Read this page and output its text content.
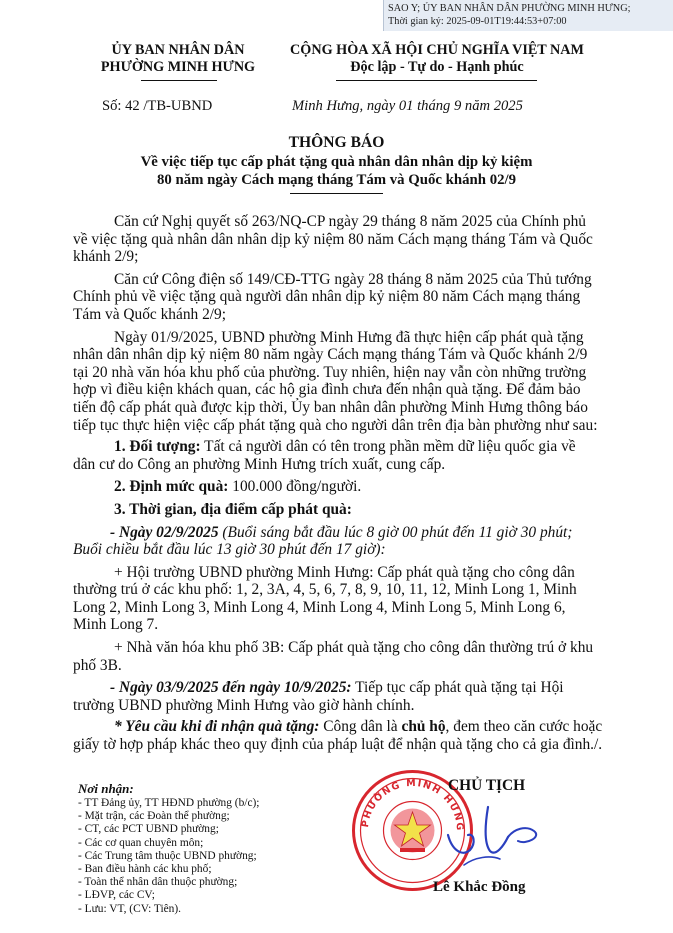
SAO Y; ỦY BAN NHÂN DÂN PHƯỜNG MINH HƯNG;
Thời gian ký: 2025-09-01T19:44:53+07:00
ỦY BAN NHÂN DÂN
PHƯỜNG MINH HƯNG
CỘNG HÒA XÃ HỘI CHỦ NGHĨA VIỆT NAM
Độc lập - Tự do - Hạnh phúc
Số: 42 /TB-UBND	Minh Hưng, ngày 01 tháng 9 năm 2025
THÔNG BÁO
Về việc tiếp tục cấp phát tặng quà nhân dân nhân dịp kỷ kiệm
80 năm ngày Cách mạng tháng Tám và Quốc khánh 02/9
Căn cứ Nghị quyết số 263/NQ-CP ngày 29 tháng 8 năm 2025 của Chính phủ
về việc tặng quà nhân dân nhân dịp kỷ niệm 80 năm Cách mạng tháng Tám và Quốc
khánh 2/9;
Căn cứ Công điện số 149/CĐ-TTG ngày 28 tháng 8 năm 2025 của Thủ tướng
Chính phủ về việc tặng quà người dân nhân dịp kỷ niệm 80 năm Cách mạng tháng
Tám và Quốc khánh 2/9;
Ngày 01/9/2025, UBND phường Minh Hưng đã thực hiện cấp phát quà tặng
nhân dân nhân dịp kỷ niệm 80 năm ngày Cách mạng tháng Tám và Quốc khánh 2/9
tại 20 nhà văn hóa khu phố của phường. Tuy nhiên, hiện nay vẫn còn những trường
hợp vì điều kiện khách quan, các hộ gia đình chưa đến nhận quà tặng. Để đảm bảo
tiến độ cấp phát quà được kịp thời, Ủy ban nhân dân phường Minh Hưng thông báo
tiếp tục thực hiện việc cấp phát tặng quà cho người dân trên địa bàn phường như sau:
1. Đối tượng: Tất cả người dân có tên trong phần mềm dữ liệu quốc gia về
dân cư do Công an phường Minh Hưng trích xuất, cung cấp.
2. Định mức quà: 100.000 đồng/người.
3. Thời gian, địa điểm cấp phát quà:
- Ngày 02/9/2025 (Buổi sáng bắt đầu lúc 8 giờ 00 phút đến 11 giờ 30 phút;
Buổi chiều bắt đầu lúc 13 giờ 30 phút đến 17 giờ):
+ Hội trường UBND phường Minh Hưng: Cấp phát quà tặng cho công dân
thường trú ở các khu phố: 1, 2, 3A, 4, 5, 6, 7, 8, 9, 10, 11, 12, Minh Long 1, Minh
Long 2, Minh Long 3, Minh Long 4, Minh Long 4, Minh Long 5, Minh Long 6,
Minh Long 7.
+ Nhà văn hóa khu phố 3B: Cấp phát quà tặng cho công dân thường trú ở khu
phố 3B.
- Ngày 03/9/2025 đến ngày 10/9/2025: Tiếp tục cấp phát quà tặng tại Hội
trường UBND phường Minh Hưng vào giờ hành chính.
* Yêu cầu khi đi nhận quà tặng: Công dân là chủ hộ, đem theo căn cước hoặc
giấy tờ hợp pháp khác theo quy định của pháp luật để nhận quà tặng cho cả gia đình./.
Nơi nhận:
- TT Đảng ủy, TT HĐND phường (b/c);
- Mặt trận, các Đoàn thể phường;
- CT, các PCT UBND phường;
- Các cơ quan chuyên môn;
- Các Trung tâm thuộc UBND phường;
- Ban điều hành các khu phố;
- Toàn thể nhân dân thuộc phường;
- LĐVP, các CV;
- Lưu: VT, (CV: Tiên).
PHƯỜNG MINH HƯNG
CHỦ TỊCH
Lê Khắc Đồng
